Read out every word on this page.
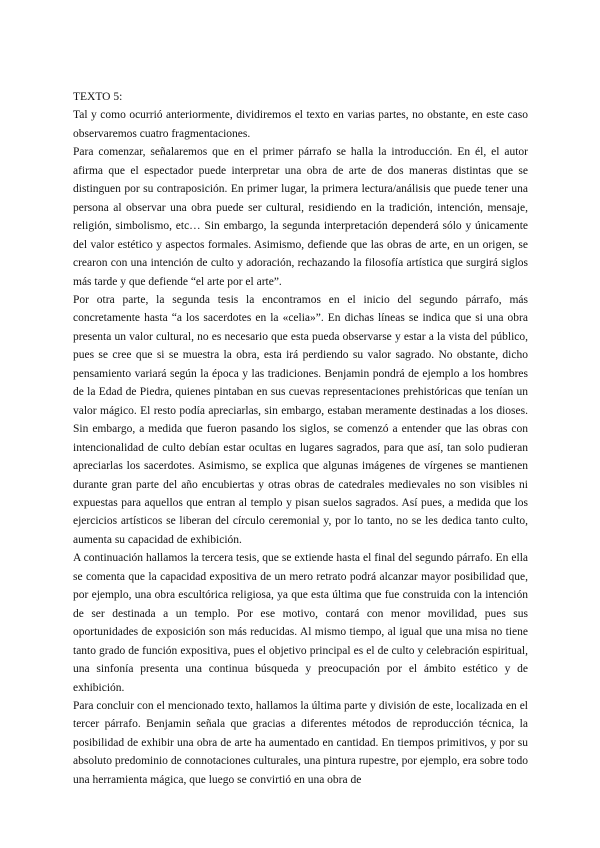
TEXTO 5:

Tal y como ocurrió anteriormente, dividiremos el texto en varias partes, no obstante, en este caso observaremos cuatro fragmentaciones.

Para comenzar, señalaremos que en el primer párrafo se halla la introducción. En él, el autor afirma que el espectador puede interpretar una obra de arte de dos maneras distintas que se distinguen por su contraposición. En primer lugar, la primera lectura/análisis que puede tener una persona al observar una obra puede ser cultural, residiendo en la tradición, intención, mensaje, religión, simbolismo, etc… Sin embargo, la segunda interpretación dependerá sólo y únicamente del valor estético y aspectos formales. Asimismo, defiende que las obras de arte, en un origen, se crearon con una intención de culto y adoración, rechazando la filosofía artística que surgirá siglos más tarde y que defiende “el arte por el arte”.

Por otra parte, la segunda tesis la encontramos en el inicio del segundo párrafo, más concretamente hasta “a los sacerdotes en la «celia»”. En dichas líneas se indica que si una obra presenta un valor cultural, no es necesario que esta pueda observarse y estar a la vista del público, pues se cree que si se muestra la obra, esta irá perdiendo su valor sagrado. No obstante, dicho pensamiento variará según la época y las tradiciones. Benjamin pondrá de ejemplo a los hombres de la Edad de Piedra, quienes pintaban en sus cuevas representaciones prehistóricas que tenían un valor mágico. El resto podía apreciarlas, sin embargo, estaban meramente destinadas a los dioses. Sin embargo, a medida que fueron pasando los siglos, se comenzó a entender que las obras con intencionalidad de culto debían estar ocultas en lugares sagrados, para que así, tan solo pudieran apreciarlas los sacerdotes. Asimismo, se explica que algunas imágenes de vírgenes se mantienen durante gran parte del año encubiertas y otras obras de catedrales medievales no son visibles ni expuestas para aquellos que entran al templo y pisan suelos sagrados. Así pues, a medida que los ejercicios artísticos se liberan del círculo ceremonial y, por lo tanto, no se les dedica tanto culto, aumenta su capacidad de exhibición.

A continuación hallamos la tercera tesis, que se extiende hasta el final del segundo párrafo. En ella se comenta que la capacidad expositiva de un mero retrato podrá alcanzar mayor posibilidad que, por ejemplo, una obra escultórica religiosa, ya que esta última que fue construida con la intención de ser destinada a un templo. Por ese motivo, contará con menor movilidad, pues sus oportunidades de exposición son más reducidas. Al mismo tiempo, al igual que una misa no tiene tanto grado de función expositiva, pues el objetivo principal es el de culto y celebración espiritual, una sinfonía presenta una continua búsqueda y preocupación por el ámbito estético y de exhibición.

Para concluir con el mencionado texto, hallamos la última parte y división de este, localizada en el tercer párrafo. Benjamin señala que gracias a diferentes métodos de reproducción técnica, la posibilidad de exhibir una obra de arte ha aumentado en cantidad. En tiempos primitivos, y por su absoluto predominio de connotaciones culturales, una pintura rupestre, por ejemplo, era sobre todo una herramienta mágica, que luego se convirtió en una obra de
